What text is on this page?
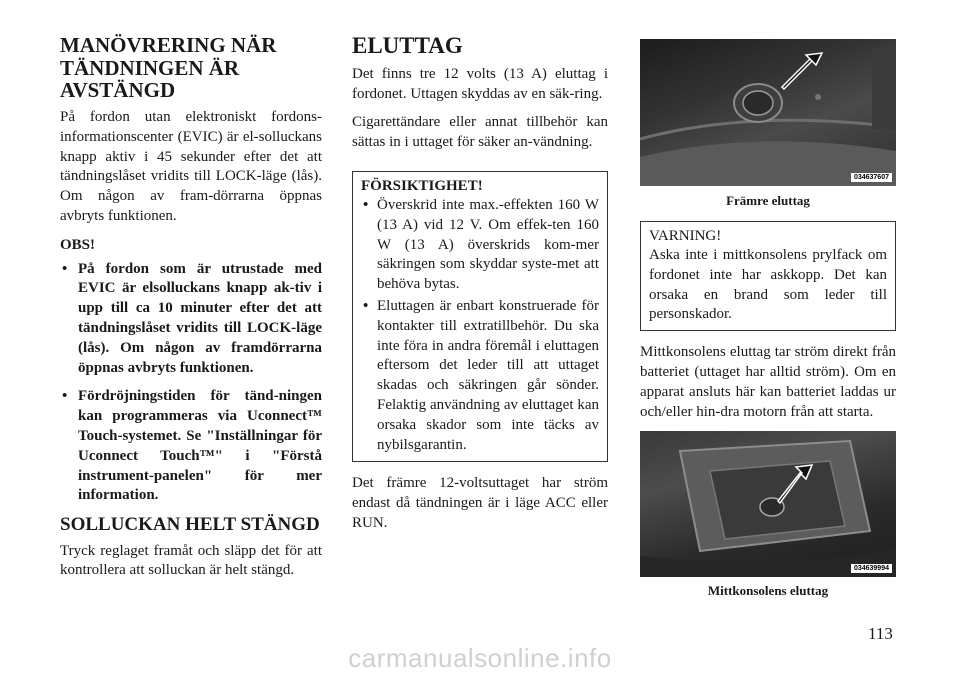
MANÖVRERING NÄR TÄNDNINGEN ÄR AVSTÄNGD

På fordon utan elektroniskt fordons-informationscenter (EVIC) är el-solluckans knapp aktiv i 45 sekunder efter det att tändningslåset vridits till LOCK-läge (lås). Om någon av fram-dörrarna öppnas avbryts funktionen.

OBS!

• På fordon som är utrustade med EVIC är elsolluckans knapp ak-tiv i upp till ca 10 minuter efter det att tändningslåset vridits till LOCK-läge (lås). Om någon av framdörrarna öppnas avbryts funktionen.
• Fördröjningstiden för tänd-ningen kan programmeras via Uconnect™ Touch-systemet. Se "Inställningar för Uconnect Touch™" i "Förstå instrument-panelen" för mer information.
SOLLUCKAN HELT STÄNGD

Tryck reglaget framåt och släpp det för att kontrollera att solluckan är helt stängd.

ELUTTAG

Det finns tre 12 volts (13 A) eluttag i fordonet. Uttagen skyddas av en säk-ring.

Cigarettändare eller annat tillbehör kan sättas in i uttaget för säker an-vändning.

FÖRSIKTIGHET!
• Överskrid inte max.-effekten 160 W (13 A) vid 12 V. Om effek-ten 160 W (13 A) överskrids kom-mer säkringen som skyddar syste-met att behöva bytas.
• Eluttagen är enbart konstruerade för kontakter till extratillbehör. Du ska inte föra in andra föremål i eluttagen eftersom det leder till att uttaget skadas och säkringen går sönder. Felaktig användning av eluttaget kan orsaka skador som inte täcks av nybilsgarantin.

Det främre 12-voltsuttaget har ström endast då tändningen är i läge ACC eller RUN.

034637607
Främre eluttag
VARNING!

Aska inte i mittkonsolens prylfack om fordonet inte har askkopp. Det kan orsaka en brand som leder till personskador.

Mittkonsolens eluttag tar ström direkt från batteriet (uttaget har alltid ström). Om en apparat ansluts här kan batteriet laddas ur och/eller hin-dra motorn från att starta.

034639994
Mittkonsolens eluttag
113
carmanualsonline.info
